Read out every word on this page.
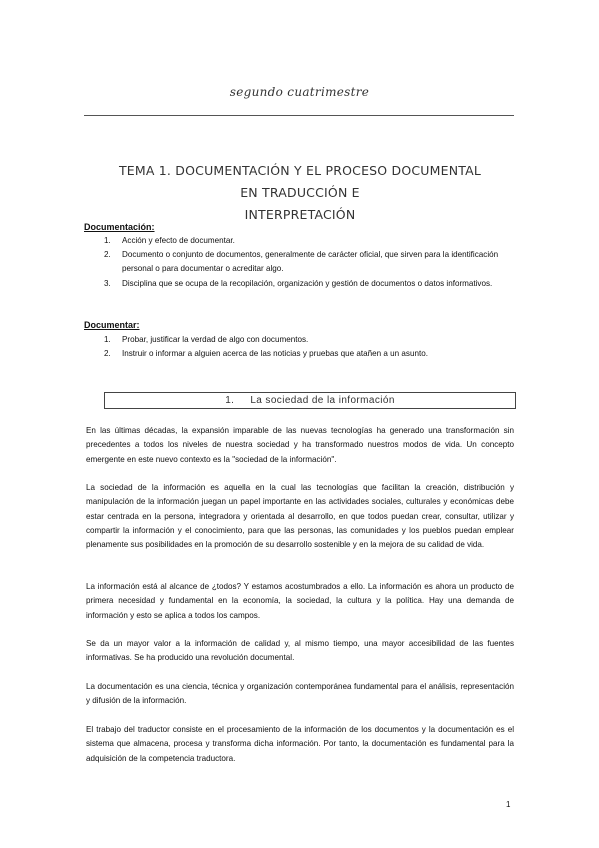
segundo cuatrimestre
TEMA 1. DOCUMENTACIÓN Y EL PROCESO DOCUMENTAL EN TRADUCCIÓN E
INTERPRETACIÓN
Documentación:
1. Acción y efecto de documentar.
2. Documento o conjunto de documentos, generalmente de carácter oficial, que sirven para la identificación personal o para documentar o acreditar algo.
3. Disciplina que se ocupa de la recopilación, organización y gestión de documentos o datos informativos.
Documentar:
1. Probar, justificar la verdad de algo con documentos.
2. Instruir o informar a alguien acerca de las noticias y pruebas que atañen a un asunto.
1. La sociedad de la información

En las últimas décadas, la expansión imparable de las nuevas tecnologías ha generado una transformación sin precedentes a todos los niveles de nuestra sociedad y ha transformado nuestros modos de vida. Un concepto emergente en este nuevo contexto es la "sociedad de la información".

La sociedad de la información es aquella en la cual las tecnologías que facilitan la creación, distribución y manipulación de la información juegan un papel importante en las actividades sociales, culturales y económicas debe estar centrada en la persona, integradora y orientada al desarrollo, en que todos puedan crear, consultar, utilizar y compartir la información y el conocimiento, para que las personas, las comunidades y los pueblos puedan emplear plenamente sus posibilidades en la promoción de su desarrollo sostenible y en la mejora de su calidad de vida.

La información está al alcance de ¿todos? Y estamos acostumbrados a ello. La información es ahora un producto de primera necesidad y fundamental en la economía, la sociedad, la cultura y la política. Hay una demanda de información y esto se aplica a todos los campos.

Se da un mayor valor a la información de calidad y, al mismo tiempo, una mayor accesibilidad de las fuentes informativas. Se ha producido una revolución documental.

La documentación es una ciencia, técnica y organización contemporánea fundamental para el análisis, representación y difusión de la información.

El trabajo del traductor consiste en el procesamiento de la información de los documentos y la documentación es el sistema que almacena, procesa y transforma dicha información. Por tanto, la documentación es fundamental para la adquisición de la competencia traductora.

1
